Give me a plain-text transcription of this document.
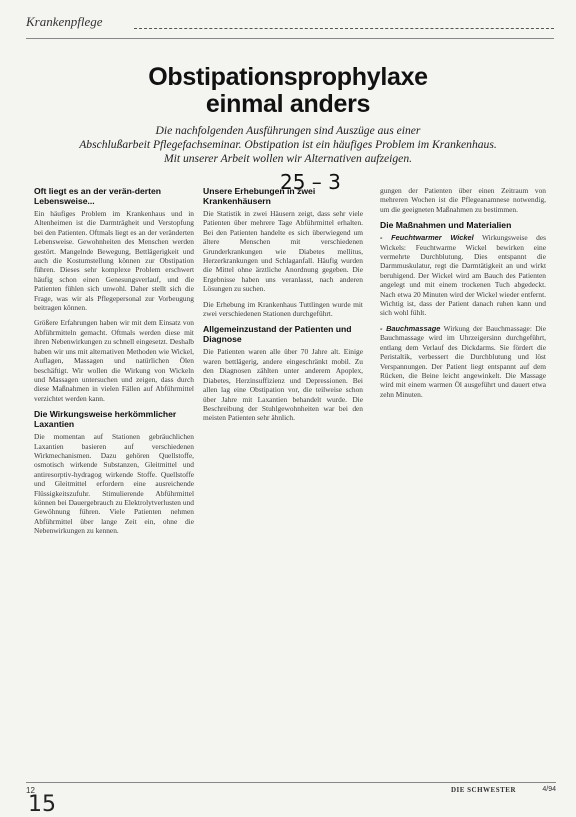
Krankenpflege
Obstipationsprophylaxe
einmal anders
Die nachfolgenden Ausführungen sind Auszüge aus einer
Abschlußarbeit Pflegefachseminar. Obstipation ist ein häufiges Problem im Krankenhaus.
Mit unserer Arbeit wollen wir Alternativen aufzeigen.
25 – 3
Oft liegt es an der verän-derten Lebensweise...

Ein häufiges Problem im Krankenhaus und in Altenheimen ist die Darmträgheit und Verstopfung bei den Patienten. Oftmals liegt es an der veränderten Lebensweise. Gewohnheiten des Menschen werden gestört. Mangelnde Bewegung, Bettlägerigkeit und auch die Kostumstellung können zur Obstipation führen. Dieses sehr komplexe Problem erschwert häufig schon einen Genesungsverlauf, und die Patienten fühlen sich unwohl. Daher stellt sich die Frage, was wir als Pflegepersonal zur Vorbeugung beitragen können.

Größere Erfahrungen haben wir mit dem Einsatz von Abführmitteln gemacht. Oftmals werden diese mit ihren Nebenwirkungen zu schnell eingesetzt. Deshalb haben wir uns mit alternativen Methoden wie Wickel, Auflagen, Massagen und natürlichen Ölen beschäftigt. Wir wollen die Wirkung von Wickeln und Massagen untersuchen und zeigen, dass durch diese Maßnahmen in vielen Fällen auf Abführmittel verzichtet werden kann.

Die Wirkungsweise herkömmlicher Laxantien

Die momentan auf Stationen gebräuchlichen Laxantien basieren auf verschiedenen Wirkmechanismen. Dazu gehören Quellstoffe, osmotisch wirkende Substanzen, Gleitmittel und antiresorptiv-hydragog wirkende Stoffe. Quellstoffe und Gleitmittel erfordern eine ausreichende Flüssigkeitszufuhr. Stimulierende Abführmittel können bei Dauergebrauch zu Elektrolytverlusten und Gewöhnung führen. Viele Patienten nehmen Abführmittel über lange Zeit ein, ohne die Nebenwirkungen zu kennen.

Unsere Erhebungen in zwei Krankenhäusern

Die Statistik in zwei Häusern zeigt, dass sehr viele Patienten über mehrere Tage Abführmittel erhalten. Bei den Patienten handelte es sich überwiegend um ältere Menschen mit verschiedenen Grunderkrankungen wie Diabetes mellitus, Herzerkrankungen und Schlaganfall. Häufig wurden die Mittel ohne ärztliche Anordnung gegeben. Die Ergebnisse haben uns veranlasst, nach anderen Lösungen zu suchen.

Die Erhebung im Krankenhaus Tuttlingen wurde mit zwei verschiedenen Stationen durchgeführt.

Allgemeinzustand der Patienten und Diagnose

Die Patienten waren alle über 70 Jahre alt. Einige waren bettlägerig, andere eingeschränkt mobil. Zu den Diagnosen zählten unter anderem Apoplex, Diabetes, Herzinsuffizienz und Depressionen. Bei allen lag eine Obstipation vor, die teilweise schon über Jahre mit Laxantien behandelt wurde. Die Beschreibung der Stuhlgewohnheiten war bei den meisten Patienten sehr ähnlich.

gungen der Patienten über einen Zeitraum von mehreren Wochen ist die Pflegeanamnese notwendig, um die geeigneten Maßnahmen zu bestimmen.

Die Maßnahmen und Materialien

- Feuchtwarmer Wickel Wirkungsweise des Wickels: Feuchtwarme Wickel bewirken eine vermehrte Durchblutung. Dies entspannt die Darmmuskulatur, regt die Darmtätigkeit an und wirkt beruhigend. Der Wickel wird am Bauch des Patienten angelegt und mit einem trockenen Tuch abgedeckt. Nach etwa 20 Minuten wird der Wickel wieder entfernt. Wichtig ist, dass der Patient danach ruhen kann und sich wohl fühlt.

- Bauchmassage Wirkung der Bauchmassage: Die Bauchmassage wird im Uhrzeigersinn durchgeführt, entlang dem Verlauf des Dickdarms. Sie fördert die Peristaltik, verbessert die Durchblutung und löst Verspannungen. Der Patient liegt entspannt auf dem Rücken, die Beine leicht angewinkelt. Die Massage wird mit einem warmen Öl ausgeführt und dauert etwa zehn Minuten.

12
15
DIE SCHWESTER	4/94
